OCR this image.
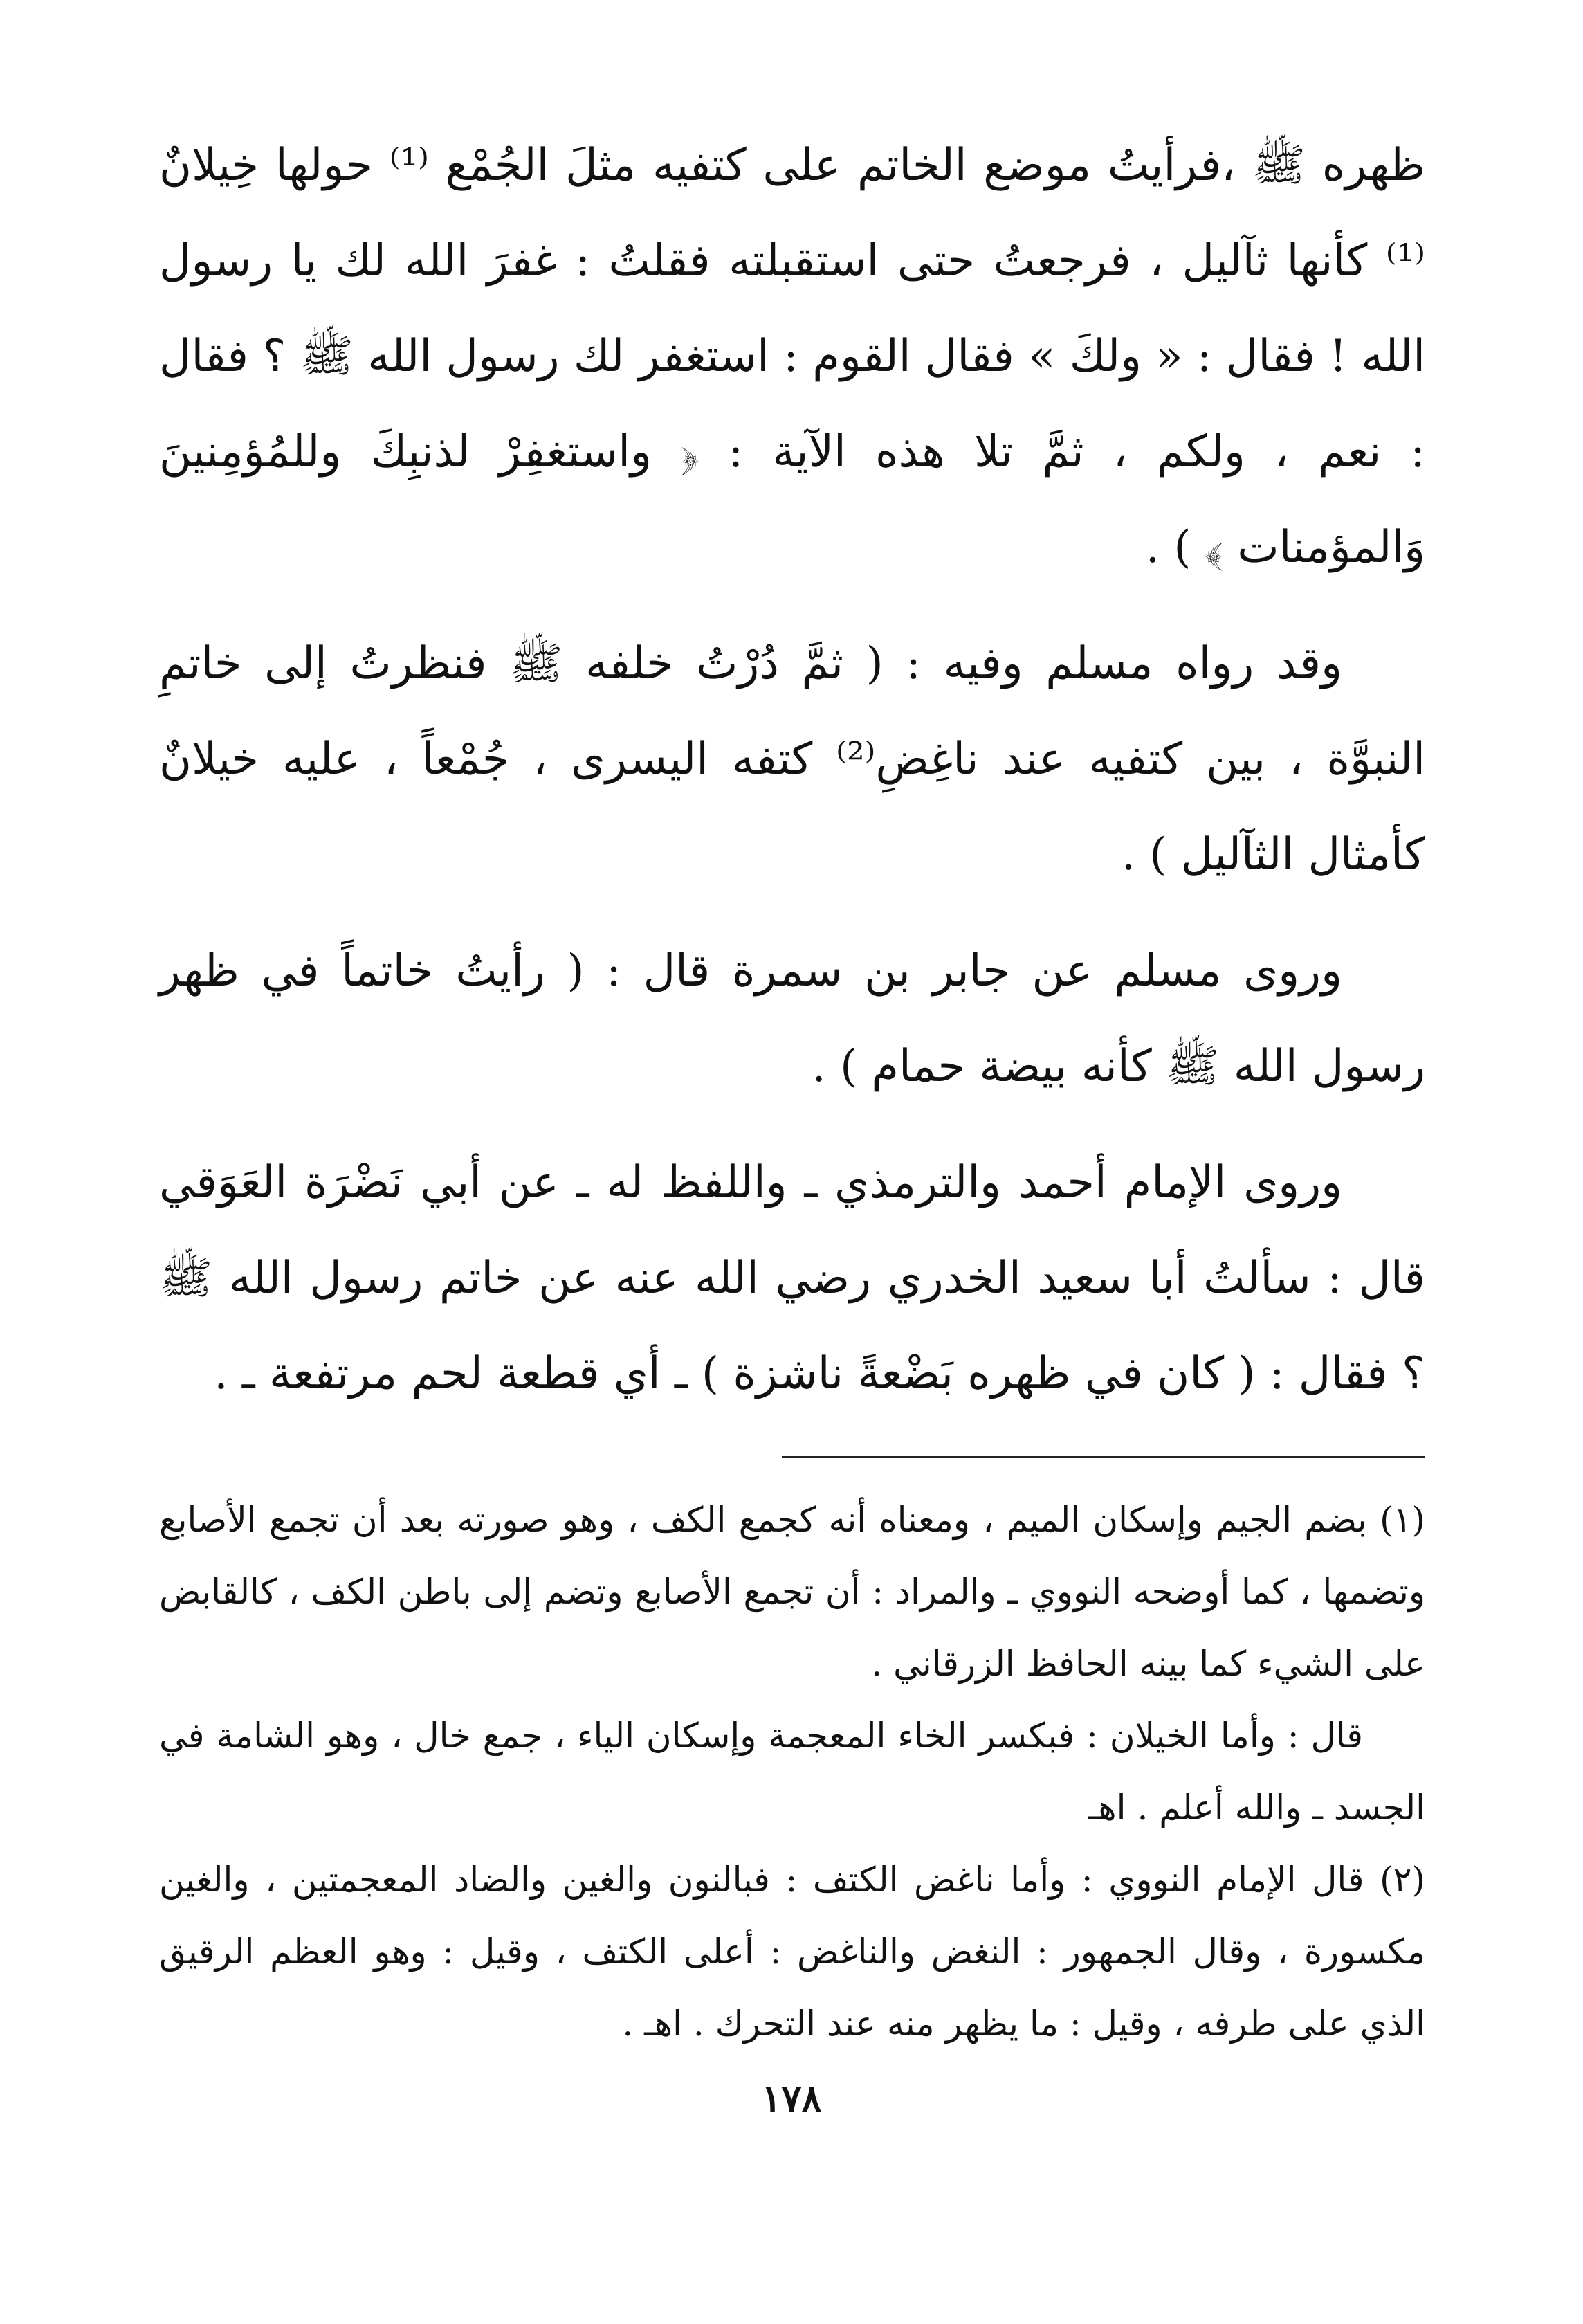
ظهره ﷺ ،فرأيتُ موضع الخاتم على كتفيه مثلَ الجُمْع ⁽¹⁾ حولها خِيلانٌ ⁽¹⁾ كأنها ثآليل ، فرجعتُ حتى استقبلته فقلتُ : غفرَ الله لك يا رسول الله ! فقال : « ولكَ » فقال القوم : استغفر لك رسول الله ﷺ ؟ فقال : نعم ، ولكم ، ثمَّ تلا هذه الآية : ﴿ واستغفِرْ لذنبِكَ وللمُؤمِنينَ وَالمؤمنات ﴾ ) .

وقد رواه مسلم وفيه : ( ثمَّ دُرْتُ خلفه ﷺ فنظرتُ إلى خاتمِ النبوَّة ، بين كتفيه عند ناغِضِ⁽²⁾ كتفه اليسرى ، جُمْعاً ، عليه خيلانٌ كأمثال الثآليل ) .

وروى مسلم عن جابر بن سمرة قال : ( رأيتُ خاتماً في ظهر رسول الله ﷺ كأنه بيضة حمام ) .

وروى الإمام أحمد والترمذي ـ واللفظ له ـ عن أبي نَضْرَة العَوَقي قال : سألتُ أبا سعيد الخدري رضي الله عنه عن خاتم رسول الله ﷺ ؟ فقال : ( كان في ظهره بَضْعةً ناشزة ) ـ أي قطعة لحم مرتفعة ـ .

(١) بضم الجيم وإسكان الميم ، ومعناه أنه كجمع الكف ، وهو صورته بعد أن تجمع الأصابع وتضمها ، كما أوضحه النووي ـ والمراد : أن تجمع الأصابع وتضم إلى باطن الكف ، كالقابض على الشيء كما بينه الحافظ الزرقاني .

قال : وأما الخيلان : فبكسر الخاء المعجمة وإسكان الياء ، جمع خال ، وهو الشامة في الجسد ـ والله أعلم . اهـ

(٢) قال الإمام النووي : وأما ناغض الكتف : فبالنون والغين والضاد المعجمتين ، والغين مكسورة ، وقال الجمهور : النغض والناغض : أعلى الكتف ، وقيل : وهو العظم الرقيق الذي على طرفه ، وقيل : ما يظهر منه عند التحرك . اهـ .

١٧٨
